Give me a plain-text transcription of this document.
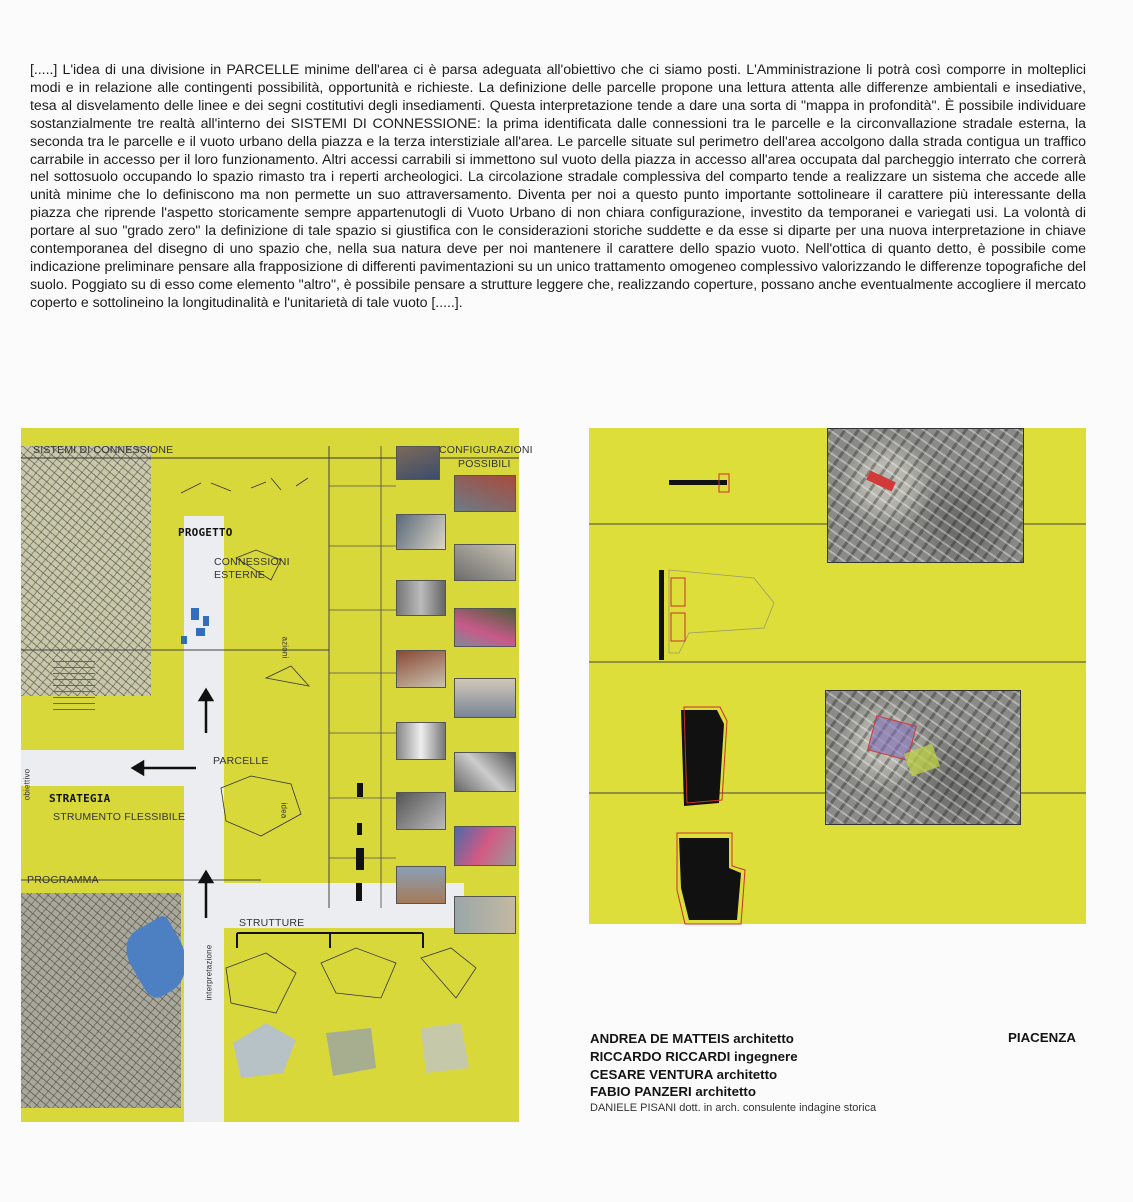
[.....] L'idea di una divisione in PARCELLE minime dell'area ci è parsa adeguata all'obiettivo che ci siamo posti. L'Amministrazione li potrà così comporre in molteplici modi e in relazione alle contingenti possibilità, opportunità e richieste. La definizione delle parcelle propone una lettura attenta alle differenze ambientali e insediative, tesa al disvelamento delle linee e dei segni costitutivi degli insediamenti. Questa interpretazione tende a dare una sorta di "mappa in profondità". È possibile individuare sostanzialmente tre realtà all'interno dei SISTEMI DI CONNESSIONE: la prima identificata dalle connessioni tra le parcelle e la circonvallazione stradale esterna, la seconda tra le parcelle e il vuoto urbano della piazza e la terza interstiziale all'area. Le parcelle situate sul perimetro dell'area accolgono dalla strada contigua un traffico carrabile in accesso per il loro funzionamento. Altri accessi carrabili si immettono sul vuoto della piazza in accesso all'area occupata dal parcheggio interrato che correrà nel sottosuolo occupando lo spazio rimasto tra i reperti archeologici. La circolazione stradale complessiva del comparto tende a realizzare un sistema che accede alle unità minime che lo definiscono ma non permette un suo attraversamento. Diventa per noi a questo punto importante sottolineare il carattere più interessante della piazza che riprende l'aspetto storicamente sempre appartenutogli di Vuoto Urbano di non chiara configurazione, investito da temporanei e variegati usi. La volontà di portare al suo "grado zero" la definizione di tale spazio si giustifica con le considerazioni storiche suddette e da esse si diparte per una nuova interpretazione in chiave contemporanea del disegno di uno spazio che, nella sua natura deve per noi mantenere il carattere dello spazio vuoto. Nell'ottica di quanto detto, è possibile come indicazione preliminare pensare alla frapposizione di differenti pavimentazioni su un unico trattamento omogeneo complessivo valorizzando le differenze topografiche del suolo. Poggiato su di esso come elemento "altro", è possibile pensare a strutture leggere che, realizzando coperture, possano anche eventualmente accogliere il mercato coperto e sottolineino la longitudinalità e l'unitarietà di tale vuoto [.....].

SISTEMI DI CONNESSIONE	CONFIGURAZIONI
POSSIBILI
PROGETTO
CONNESSIONI
ESTERNE
PARCELLE
STRATEGIA
STRUMENTO FLESSIBILE
PROGRAMMA
STRUTTURE
obiettivo
idea
azioni
interpretazione
ANDREA DE MATTEIS architetto
RICCARDO RICCARDI ingegnere
CESARE VENTURA architetto
FABIO PANZERI architetto
DANIELE PISANI dott. in arch. consulente indagine storica
PIACENZA
